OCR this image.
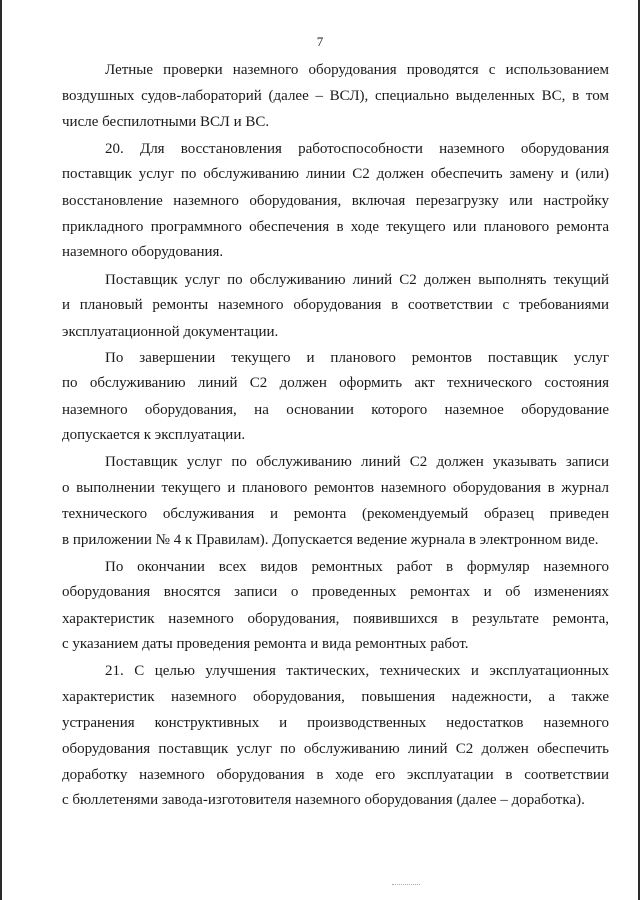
7
Летные проверки наземного оборудования проводятся с использованием
воздушных судов-лабораторий (далее – ВСЛ), специально выделенных ВС, в том
числе беспилотными ВСЛ и ВС.
20. Для восстановления работоспособности наземного оборудования
поставщик услуг по обслуживанию линии С2 должен обеспечить замену и (или)
восстановление наземного оборудования, включая перезагрузку или настройку
прикладного программного обеспечения в ходе текущего или планового ремонта
наземного оборудования.
Поставщик услуг по обслуживанию линий С2 должен выполнять текущий
и плановый ремонты наземного оборудования в соответствии с требованиями
эксплуатационной документации.
По завершении текущего и планового ремонтов поставщик услуг
по обслуживанию линий С2 должен оформить акт технического состояния
наземного оборудования, на основании которого наземное оборудование
допускается к эксплуатации.
Поставщик услуг по обслуживанию линий С2 должен указывать записи
о выполнении текущего и планового ремонтов наземного оборудования в журнал
технического обслуживания и ремонта (рекомендуемый образец приведен
в приложении № 4 к Правилам). Допускается ведение журнала в электронном виде.
По окончании всех видов ремонтных работ в формуляр наземного
оборудования вносятся записи о проведенных ремонтах и об изменениях
характеристик наземного оборудования, появившихся в результате ремонта,
с указанием даты проведения ремонта и вида ремонтных работ.
21. С целью улучшения тактических, технических и эксплуатационных
характеристик наземного оборудования, повышения надежности, а также
устранения конструктивных и производственных недостатков наземного
оборудования поставщик услуг по обслуживанию линий С2 должен обеспечить
доработку наземного оборудования в ходе его эксплуатации в соответствии
с бюллетенями завода-изготовителя наземного оборудования (далее – доработка).
